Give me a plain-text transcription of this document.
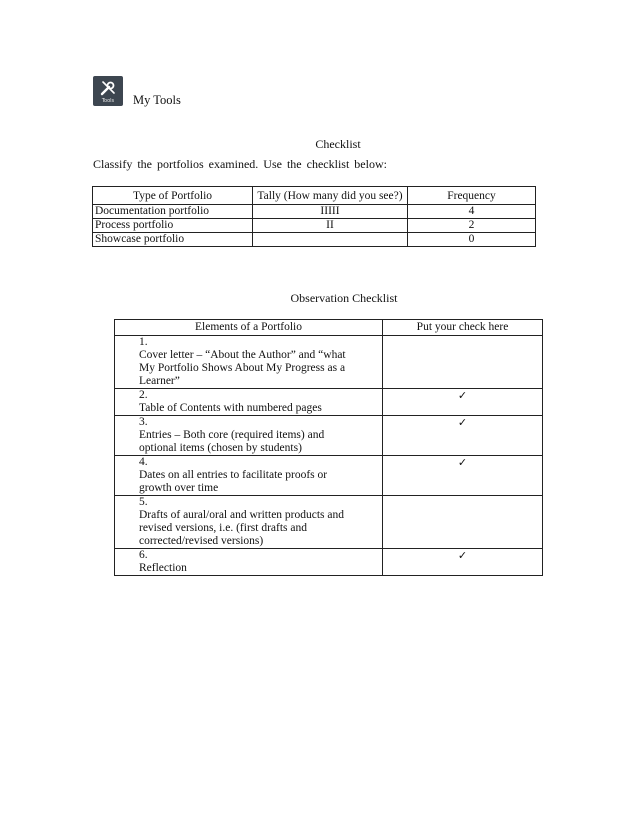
Tools	My Tools
Checklist
Classify the portfolios examined. Use the checklist below:
Type of Portfolio	Tally (How many did you see?)	Frequency
Documentation portfolio	IIIII	4
Process portfolio	II	2
Showcase portfolio		0
Observation Checklist
Elements of a Portfolio	Put your check here
1.Cover letter – “About the Author” and “what My Portfolio Shows About My Progress as a Learner”	
2.Table of Contents with numbered pages	✓
3.Entries – Both core (required items) and optional items (chosen by students)	✓
4.Dates on all entries to facilitate proofs or growth over time	✓
5.Drafts of aural/oral and written products and revised versions, i.e. (first drafts and corrected/revised versions)	
6.Reflection	✓
